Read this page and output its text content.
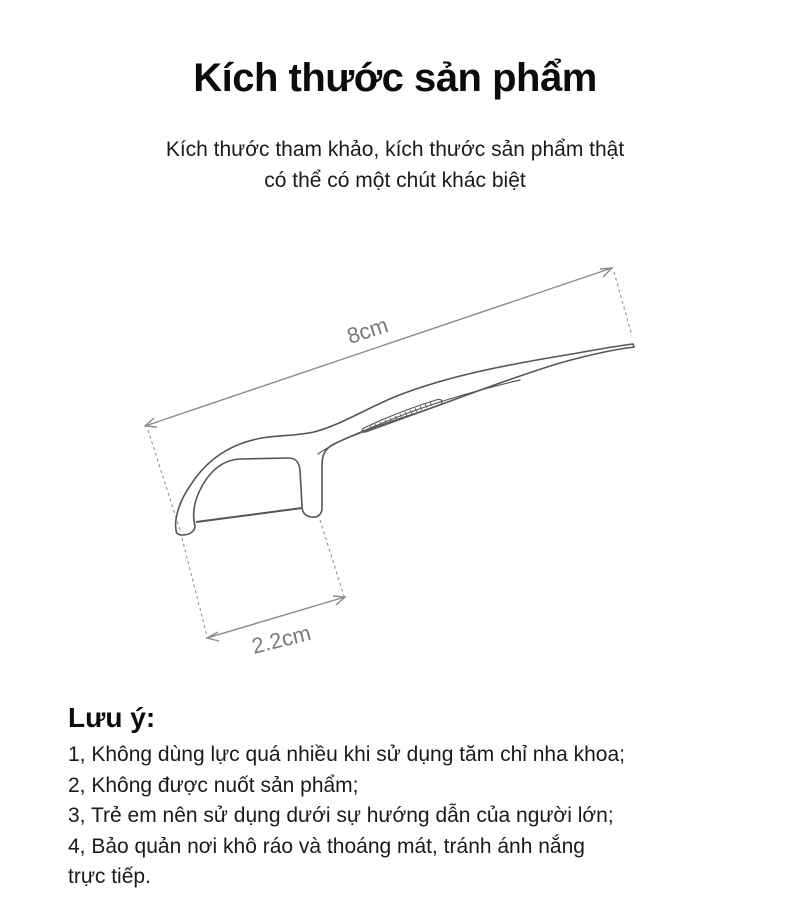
Kích thước sản phẩm
Kích thước tham khảo, kích thước sản phẩm thật
có thể có một chút khác biệt
8cm
2.2cm
Lưu ý:
1, Không dùng lực quá nhiều khi sử dụng tăm chỉ nha khoa;
2, Không được nuốt sản phẩm;
3, Trẻ em nên sử dụng dưới sự hướng dẫn của người lớn;
4, Bảo quản nơi khô ráo và thoáng mát, tránh ánh nắng
trực tiếp.
